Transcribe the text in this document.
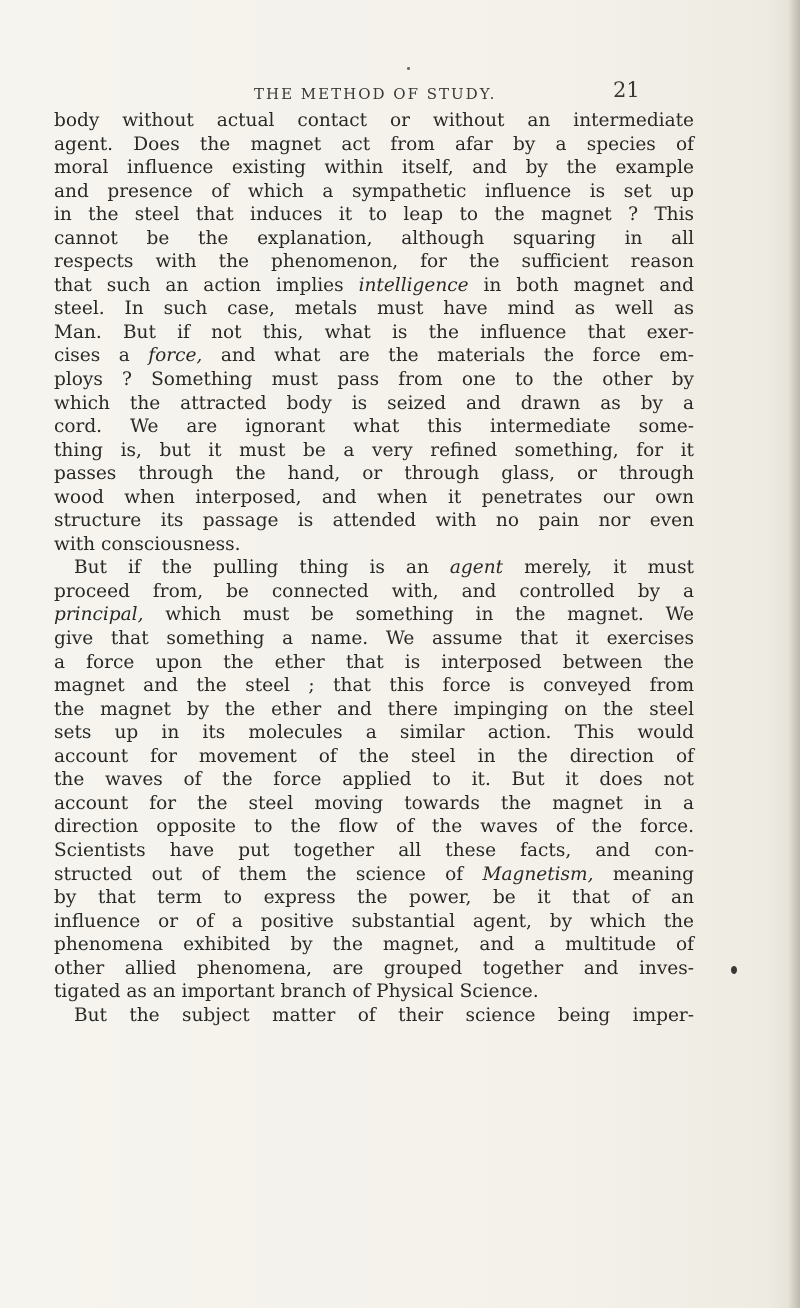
THE METHOD OF STUDY.	21
body without actual contact or without an intermediate
agent. Does the magnet act from afar by a species of
moral influence existing within itself, and by the example
and presence of which a sympathetic influence is set up
in the steel that induces it to leap to the magnet ? This
cannot be the explanation, although squaring in all
respects with the phenomenon, for the sufficient reason
that such an action implies intelligence in both magnet and
steel. In such case, metals must have mind as well as
Man. But if not this, what is the influence that exer-
cises a force, and what are the materials the force em-
ploys ? Something must pass from one to the other by
which the attracted body is seized and drawn as by a
cord. We are ignorant what this intermediate some-
thing is, but it must be a very refined something, for it
passes through the hand, or through glass, or through
wood when interposed, and when it penetrates our own
structure its passage is attended with no pain nor even
with consciousness.
But if the pulling thing is an agent merely, it must
proceed from, be connected with, and controlled by a
principal, which must be something in the magnet. We
give that something a name. We assume that it exercises
a force upon the ether that is interposed between the
magnet and the steel ; that this force is conveyed from
the magnet by the ether and there impinging on the steel
sets up in its molecules a similar action. This would
account for movement of the steel in the direction of
the waves of the force applied to it. But it does not
account for the steel moving towards the magnet in a
direction opposite to the flow of the waves of the force.
Scientists have put together all these facts, and con-
structed out of them the science of Magnetism, meaning
by that term to express the power, be it that of an
influence or of a positive substantial agent, by which the
phenomena exhibited by the magnet, and a multitude of
other allied phenomena, are grouped together and inves-
tigated as an important branch of Physical Science.
But the subject matter of their science being imper-
